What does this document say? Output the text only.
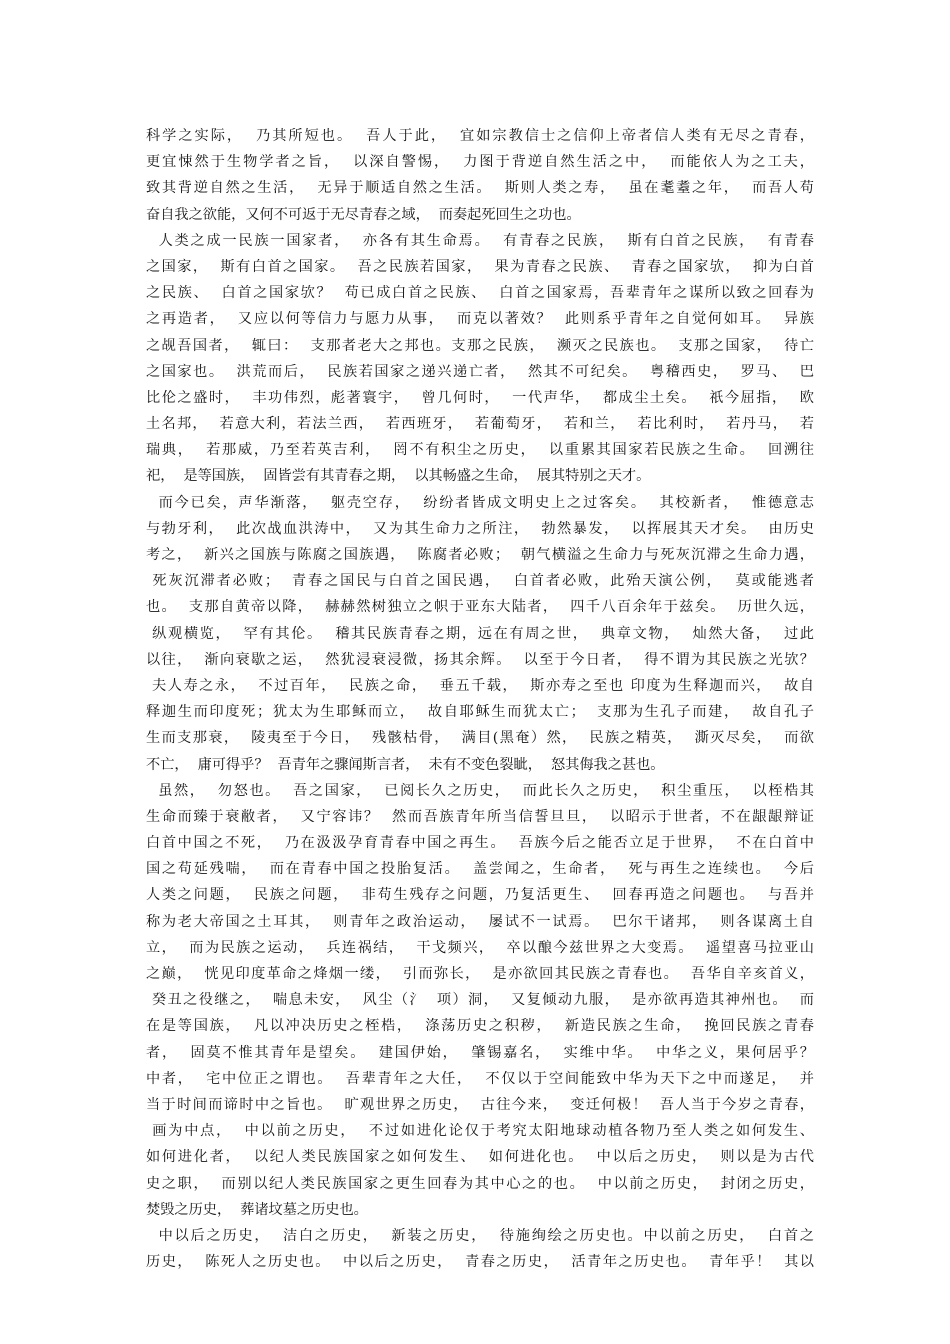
科学之实际，  乃其所短也。  吾人于此，  宜如宗教信士之信仰上帝者信人类有无尽之青春，
更宜悚然于生物学者之旨，  以深自警惕，  力图于背逆自然生活之中，  而能依人为之工夫，
致其背逆自然之生活，  无异于顺适自然之生活。  斯则人类之寿，  虽在耄耋之年，  而吾人苟
奋自我之欲能，又何不可返于无尽青春之域，  而奏起死回生之功也。
人类之成一民族一国家者，  亦各有其生命焉。  有青春之民族，  斯有白首之民族，  有青春
之国家，  斯有白首之国家。  吾之民族若国家，  果为青春之民族、  青春之国家欤，  抑为白首
之民族、  白首之国家欤？  苟已成白首之民族、  白首之国家焉，吾辈青年之谋所以致之回春为
之再造者，  又应以何等信力与愿力从事，  而克以著效？  此则系乎青年之自觉何如耳。  异族
之觇吾国者，  辄曰：  支那者老大之邦也。支那之民族，  濒灭之民族也。  支那之国家，  待亡
之国家也。  洪荒而后，  民族若国家之递兴递亡者，  然其不可纪矣。  粤稽西史，  罗马、  巴
比伦之盛时，  丰功伟烈，彪著寰宇，  曾几何时，  一代声华，  都成尘土矣。  祇今屈指，  欧
土名邦，  若意大利，若法兰西，  若西班牙，  若葡萄牙，  若和兰，  若比利时，  若丹马，  若
瑞典，  若那威，乃至若英吉利，  罔不有积尘之历史，  以重累其国家若民族之生命。  回溯往
祀，  是等国族，  固皆尝有其青春之期，  以其畅盛之生命，  展其特别之天才。
而今已矣，声华渐落，  躯壳空存，  纷纷者皆成文明史上之过客矣。  其校新者，  惟德意志
与勃牙利，  此次战血洪涛中，  又为其生命力之所注，  勃然暴发，  以挥展其天才矣。  由历史
考之，  新兴之国族与陈腐之国族遇，  陈腐者必败；  朝气横溢之生命力与死灰沉滞之生命力遇，
死灰沉滞者必败；  青春之国民与白首之国民遇，  白首者必败，此殆天演公例，  莫或能逃者
也。  支那自黄帝以降，  赫赫然树独立之帜于亚东大陆者，  四千八百余年于兹矣。  历世久远，
纵观横览，  罕有其伦。  稽其民族青春之期，远在有周之世，  典章文物，  灿然大备，  过此
以往，  渐向衰歇之运，  然犹浸衰浸微，扬其余辉。  以至于今日者，  得不谓为其民族之光欤？
夫人寿之永，  不过百年，  民族之命，  垂五千载，  斯亦寿之至也 印度为生释迦而兴，  故自
释迦生而印度死；犹太为生耶稣而立，  故自耶稣生而犹太亡；  支那为生孔子而建，  故自孔子
生而支那衰，  陵夷至于今日，  残骸枯骨，  满目(黑奄）然，  民族之精英，  澌灭尽矣，  而欲
不亡，  庸可得乎？  吾青年之骤闻斯言者，  未有不变色裂眦，  怒其侮我之甚也。
虽然，  勿怒也。  吾之国家，  已阅长久之历史，  而此长久之历史，  积尘重压，  以桎梏其
生命而臻于衰敝者，  又宁容讳？  然而吾族青年所当信誓旦旦，  以昭示于世者，不在龈龈辩证
白首中国之不死，  乃在汲汲孕育青春中国之再生。  吾族今后之能否立足于世界，  不在白首中
国之苟延残喘，  而在青春中国之投胎复活。  盖尝闻之，生命者，  死与再生之连续也。  今后
人类之问题，  民族之问题，  非苟生残存之问题，乃复活更生、  回春再造之问题也。  与吾并
称为老大帝国之土耳其，  则青年之政治运动，  屡试不一试焉。  巴尔干诸邦，  则各谋离土自
立，  而为民族之运动，  兵连祸结，  干戈频兴，  卒以酿今兹世界之大变焉。  遥望喜马拉亚山
之巅，  恍见印度革命之烽烟一缕，  引而弥长，  是亦欲回其民族之青春也。  吾华自辛亥首义，
癸丑之役继之，  喘息未安，  风尘（氵  项）洞，  又复倾动九服，  是亦欲再造其神州也。  而
在是等国族，  凡以冲决历史之桎梏，  涤荡历史之积秽，  新造民族之生命，  挽回民族之青春
者，  固莫不惟其青年是望矣。  建国伊始，  肇锡嘉名，  实维中华。  中华之义，果何居乎？
中者，  宅中位正之谓也。  吾辈青年之大任，  不仅以于空间能致中华为天下之中而遂足，  并
当于时间而谛时中之旨也。  旷观世界之历史，  古往今来，  变迁何极！  吾人当于今岁之青春，
画为中点，  中以前之历史，  不过如进化论仅于考究太阳地球动植各物乃至人类之如何发生、
如何进化者，  以纪人类民族国家之如何发生、  如何进化也。  中以后之历史，  则以是为古代
史之职，  而别以纪人类民族国家之更生回春为其中心之的也。  中以前之历史，  封闭之历史，
焚毁之历史，  葬诸坟墓之历史也。
中以后之历史，  洁白之历史，  新装之历史，  待施绚绘之历史也。中以前之历史，  白首之
历史，  陈死人之历史也。  中以后之历史，  青春之历史，  活青年之历史也。  青年乎！  其以
